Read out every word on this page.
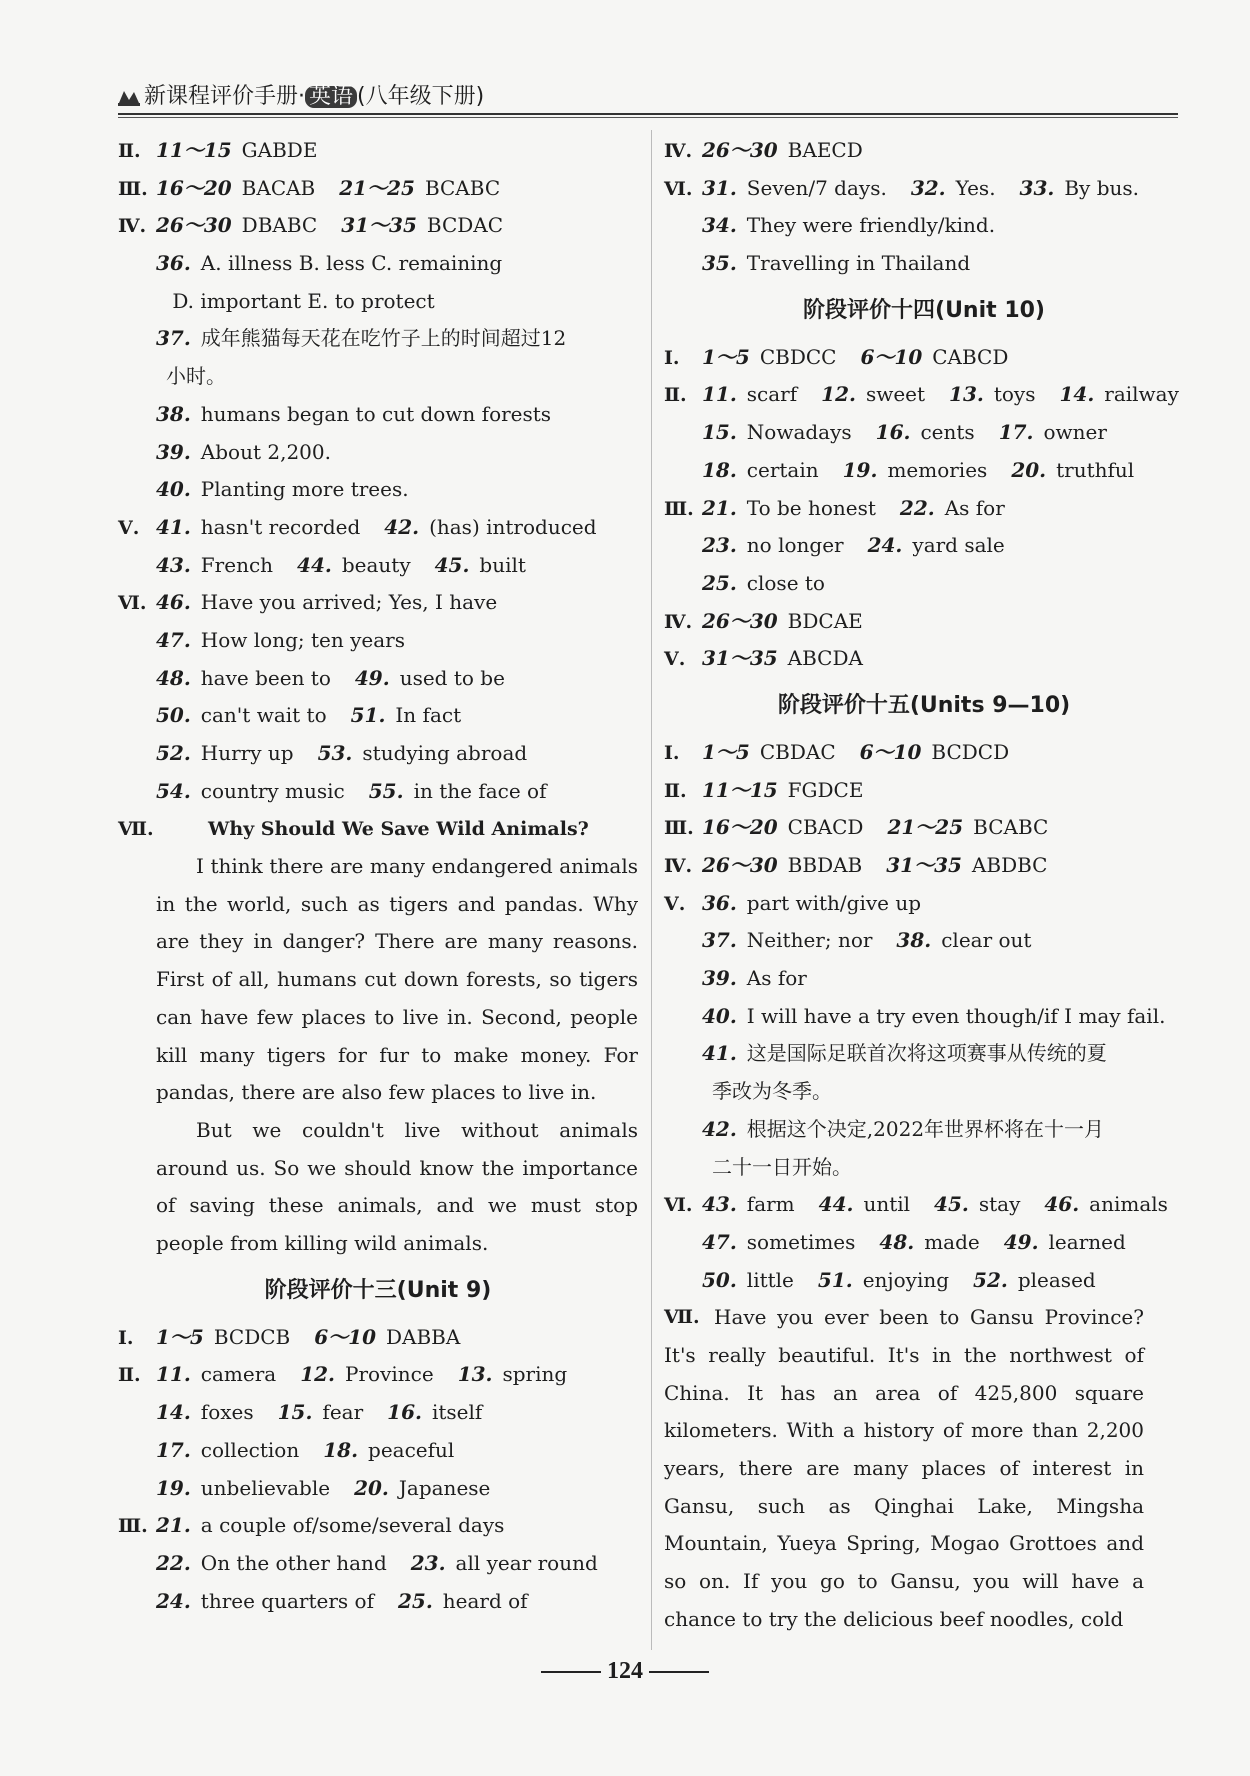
新课程评价手册· 英语 (八年级下册)
Ⅱ. 11～15 GABDE
Ⅲ. 16～20 BACAB 21～25 BCABC
Ⅳ. 26～30 DBABC 31～35 BCDAC
36. A. illness B. less C. remaining
D. important E. to protect
37. 成年熊猫每天花在吃竹子上的时间超过12
小时。
38. humans began to cut down forests
39. About 2,200.
40. Planting more trees.
Ⅴ. 41. hasn't recorded 42. (has) introduced
43. French 44. beauty 45. built
Ⅵ. 46. Have you arrived; Yes, I have
47. How long; ten years
48. have been to 49. used to be
50. can't wait to 51. In fact
52. Hurry up 53. studying abroad
54. country music 55. in the face of
Ⅶ.	Why Should We Save Wild Animals?

I think there are many endangered animals in the world, such as tigers and pandas. Why are they in danger? There are many reasons. First of all, humans cut down forests, so tigers can have few places to live in. Second, people kill many tigers for fur to make money. For pandas, there are also few places to live in.

But we couldn't live without animals around us. So we should know the importance of saving these animals, and we must stop people from killing wild animals.

阶段评价十三(Unit 9)
Ⅰ. 1～5 BCDCB 6～10 DABBA
Ⅱ. 11. camera 12. Province 13. spring
14. foxes 15. fear 16. itself
17. collection 18. peaceful
19. unbelievable 20. Japanese
Ⅲ. 21. a couple of/some/several days
22. On the other hand 23. all year round
24. three quarters of 25. heard of
Ⅳ. 26～30 BAECD
Ⅵ. 31. Seven/7 days. 32. Yes. 33. By bus.
34. They were friendly/kind.
35. Travelling in Thailand
阶段评价十四(Unit 10)
Ⅰ. 1～5 CBDCC 6～10 CABCD
Ⅱ. 11. scarf 12. sweet 13. toys 14. railway
15. Nowadays 16. cents 17. owner
18. certain 19. memories 20. truthful
Ⅲ. 21. To be honest 22. As for
23. no longer 24. yard sale
25. close to
Ⅳ. 26～30 BDCAE
Ⅴ. 31～35 ABCDA
阶段评价十五(Units 9—10)
Ⅰ. 1～5 CBDAC 6～10 BCDCD
Ⅱ. 11～15 FGDCE
Ⅲ. 16～20 CBACD 21～25 BCABC
Ⅳ. 26～30 BBDAB 31～35 ABDBC
Ⅴ. 36. part with/give up
37. Neither; nor 38. clear out
39. As for
40. I will have a try even though/if I may fail.
41. 这是国际足联首次将这项赛事从传统的夏
季改为冬季。
42. 根据这个决定,2022年世界杯将在十一月
二十一日开始。
Ⅵ. 43. farm 44. until 45. stay 46. animals
47. sometimes 48. made 49. learned
50. little 51. enjoying 52. pleased
Ⅶ. Have you ever been to Gansu Province? It's really beautiful. It's in the northwest of China. It has an area of 425,800 square kilometers. With a history of more than 2,200 years, there are many places of interest in Gansu, such as Qinghai Lake, Mingsha Mountain, Yueya Spring, Mogao Grottoes and so on. If you go to Gansu, you will have a chance to try the delicious beef noodles, cold

124
